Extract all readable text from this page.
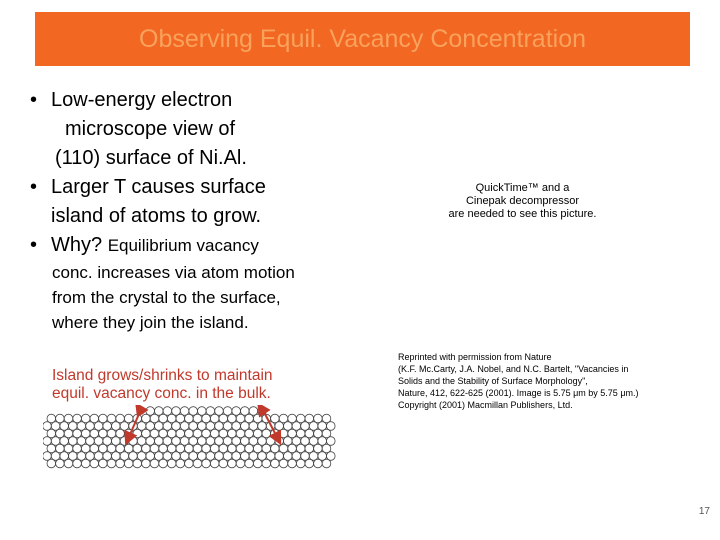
Observing Equil. Vacancy Concentration
• Low-energy electron
microscope view of
(110) surface of Ni.Al.
• Larger T causes surface
island of atoms to grow.
• Why? Equilibrium vacancy
conc. increases via atom motion
from the crystal to the surface,
where they join the island.
QuickTime™ and a
Cinepak decompressor
are needed to see this picture.
Reprinted with permission from Nature
(K.F. Mc.Carty, J.A. Nobel, and N.C. Bartelt, "Vacancies in
Solids and the Stability of Surface Morphology",
Nature, 412, 622-625 (2001). Image is 5.75 μm by 5.75 μm.)
Copyright (2001) Macmillan Publishers, Ltd.
Island grows/shrinks to maintain
equil. vacancy conc. in the bulk.
17
